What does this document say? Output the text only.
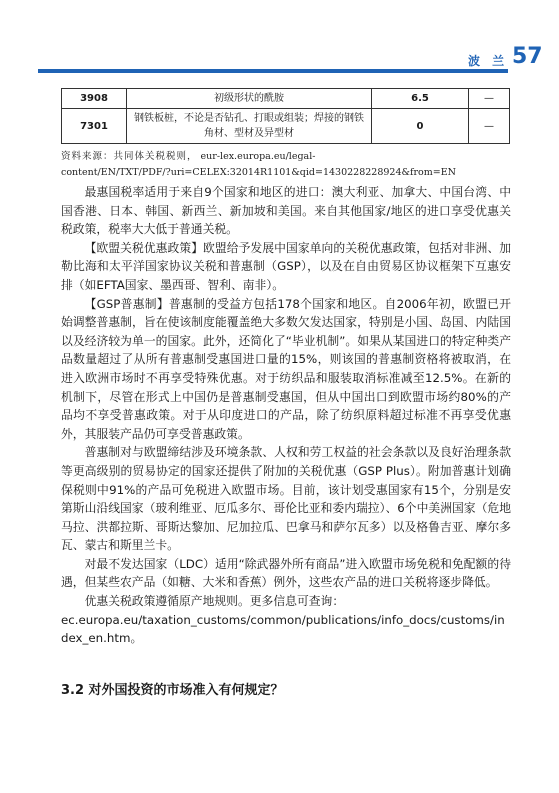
波 兰 57
3908	初级形状的酰胺	6.5	—
7301	钢铁板桩，不论是否钻孔、打眼或组装；焊接的钢铁角材、型材及异型材	0	—
资料来源：共同体关税税则， eur-lex.europa.eu/legal-
content/EN/TXT/PDF/?uri=CELEX:32014R1101&qid=1430228228924&from=EN

最惠国税率适用于来自9个国家和地区的进口：澳大利亚、加拿大、中国台湾、中国香港、日本、韩国、新西兰、新加坡和美国。来自其他国家/地区的进口享受优惠关税政策，税率大大低于普通关税。

【欧盟关税优惠政策】欧盟给予发展中国家单向的关税优惠政策，包括对非洲、加勒比海和太平洋国家协议关税和普惠制（GSP），以及在自由贸易区协议框架下互惠安排（如EFTA国家、墨西哥、智利、南非）。

【GSP普惠制】普惠制的受益方包括178个国家和地区。自2006年初，欧盟已开始调整普惠制，旨在使该制度能覆盖绝大多数欠发达国家，特别是小国、岛国、内陆国以及经济较为单一的国家。此外，还简化了“毕业机制”。如果从某国进口的特定种类产品数量超过了从所有普惠制受惠国进口量的15%，则该国的普惠制资格将被取消，在进入欧洲市场时不再享受特殊优惠。对于纺织品和服装取消标准减至12.5%。在新的机制下，尽管在形式上中国仍是普惠制受惠国，但从中国出口到欧盟市场约80%的产品均不享受普惠政策。对于从印度进口的产品，除了纺织原料超过标准不再享受优惠外，其服装产品仍可享受普惠政策。

普惠制对与欧盟缔结涉及环境条款、人权和劳工权益的社会条款以及良好治理条款等更高级别的贸易协定的国家还提供了附加的关税优惠（GSP Plus）。附加普惠计划确保税则中91%的产品可免税进入欧盟市场。目前，该计划受惠国家有15个，分别是安第斯山沿线国家（玻利维亚、厄瓜多尔、哥伦比亚和委内瑞拉）、6个中美洲国家（危地马拉、洪都拉斯、哥斯达黎加、尼加拉瓜、巴拿马和萨尔瓦多）以及格鲁吉亚、摩尔多瓦、蒙古和斯里兰卡。

对最不发达国家（LDC）适用“除武器外所有商品”进入欧盟市场免税和免配额的待遇，但某些农产品（如糖、大米和香蕉）例外，这些农产品的进口关税将逐步降低。

优惠关税政策遵循原产地规则。更多信息可查询：

ec.europa.eu/taxation_customs/common/publications/info_docs/customs/index_en.htm。

3.2 对外国投资的市场准入有何规定？
